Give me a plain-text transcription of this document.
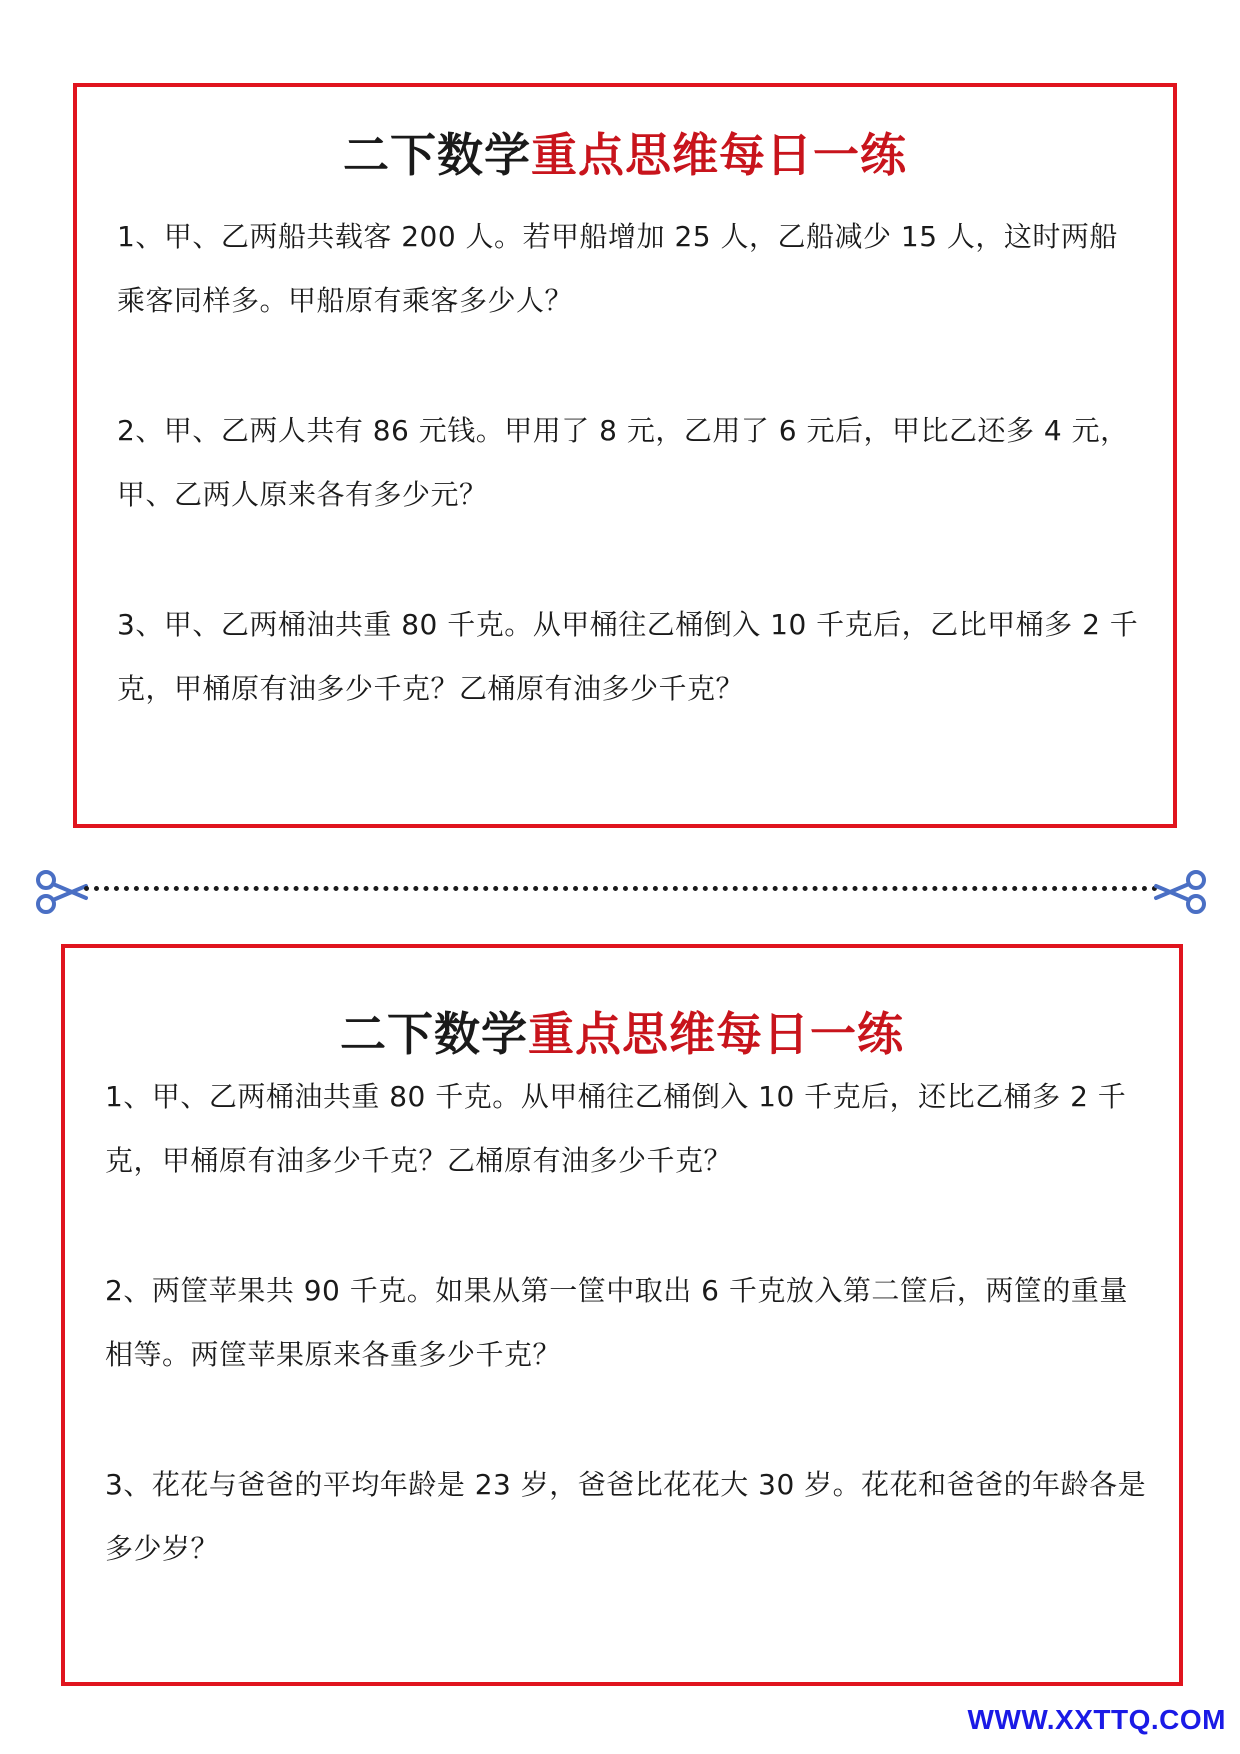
二下数学重点思维每日一练

1、甲、乙两船共载客 200 人。若甲船增加 25 人，乙船减少 15 人，这时两船乘客同样多。甲船原有乘客多少人？

2、甲、乙两人共有 86 元钱。甲用了 8 元，乙用了 6 元后，甲比乙还多 4 元，甲、乙两人原来各有多少元？

3、甲、乙两桶油共重 80 千克。从甲桶往乙桶倒入 10 千克后，乙比甲桶多 2 千克，甲桶原有油多少千克？乙桶原有油多少千克？

二下数学重点思维每日一练

1、甲、乙两桶油共重 80 千克。从甲桶往乙桶倒入 10 千克后，还比乙桶多 2 千克，甲桶原有油多少千克？乙桶原有油多少千克？

2、两筐苹果共 90 千克。如果从第一筐中取出 6 千克放入第二筐后，两筐的重量相等。两筐苹果原来各重多少千克？

3、花花与爸爸的平均年龄是 23 岁，爸爸比花花大 30 岁。花花和爸爸的年龄各是多少岁？

WWW.XXTTQ.COM
